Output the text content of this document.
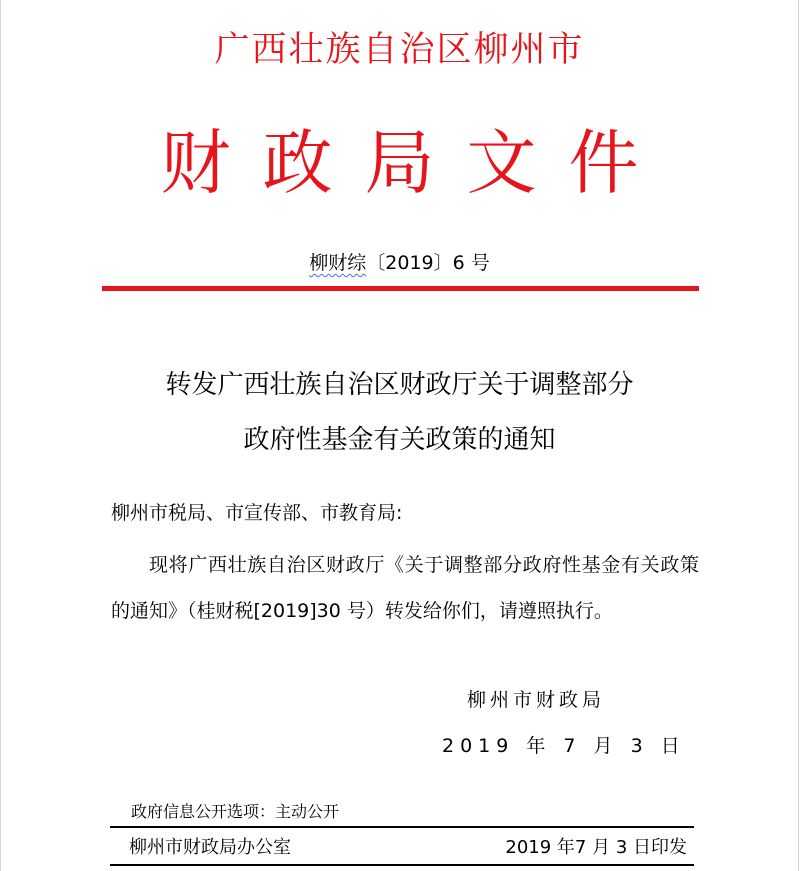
广西壮族自治区柳州市
财政局文件
柳财综〔2019〕6 号
转发广西壮族自治区财政厅关于调整部分
政府性基金有关政策的通知
柳州市税局、市宣传部、市教育局:
现将广西壮族自治区财政厅《关于调整部分政府性基金有关政策的通知》（桂财税[2019]30 号）转发给你们，请遵照执行。
柳州市财政局
2019 年 7 月 3 日
政府信息公开选项：主动公开
柳州市财政局办公室	2019 年7 月 3 日印发
